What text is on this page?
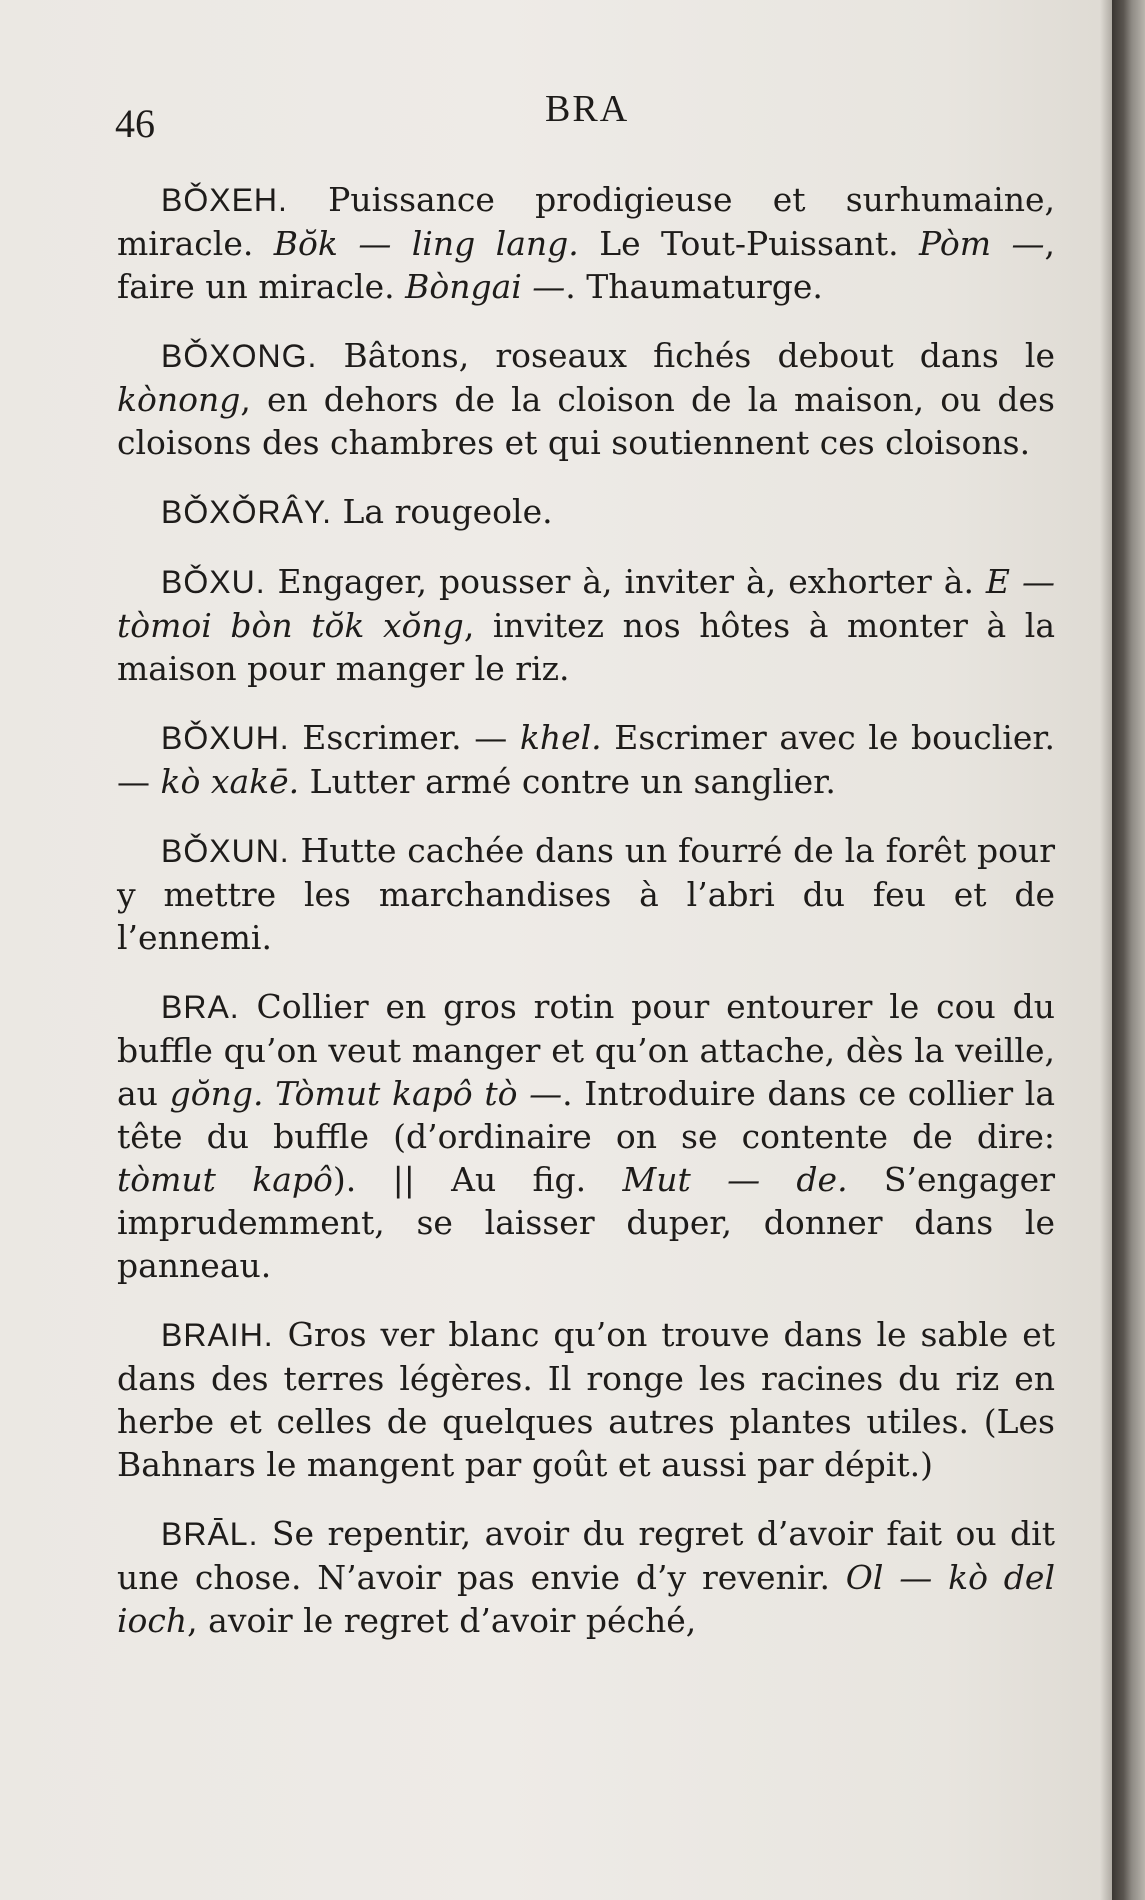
46	BRA

BǑXEH. Puissance prodigieuse et surhumaine, miracle. Bŏk — ling lang. Le Tout-Puissant. Pòm —, faire un miracle. Bòngai —. Thaumaturge.

BǑXONG. Bâtons, roseaux fichés debout dans le kònong, en dehors de la cloison de la maison, ou des cloisons des chambres et qui soutiennent ces cloisons.

BǑXǑRÂY. La rougeole.

BǑXU. Engager, pousser à, inviter à, exhorter à. E — tòmoi bòn tŏk xŏng, invitez nos hôtes à monter à la maison pour manger le riz.

BǑXUH. Escrimer. — khel. Escrimer avec le bouclier. — kò xakē. Lutter armé contre un sanglier.

BǑXUN. Hutte cachée dans un fourré de la forêt pour y mettre les marchandises à l’abri du feu et de l’ennemi.

BRA. Collier en gros rotin pour entourer le cou du buffle qu’on veut manger et qu’on attache, dès la veille, au gŏng. Tòmut kapô tò —. Introduire dans ce collier la tête du buffle (d’ordinaire on se contente de dire: tòmut kapô). || Au fig. Mut — de. S’engager imprudemment, se laisser duper, donner dans le panneau.

BRAIH. Gros ver blanc qu’on trouve dans le sable et dans des terres légères. Il ronge les racines du riz en herbe et celles de quelques autres plantes utiles. (Les Bahnars le mangent par goût et aussi par dépit.)

BRĀL. Se repentir, avoir du regret d’avoir fait ou dit une chose. N’avoir pas envie d’y revenir. Ol — kò del ioch, avoir le regret d’avoir péché,
